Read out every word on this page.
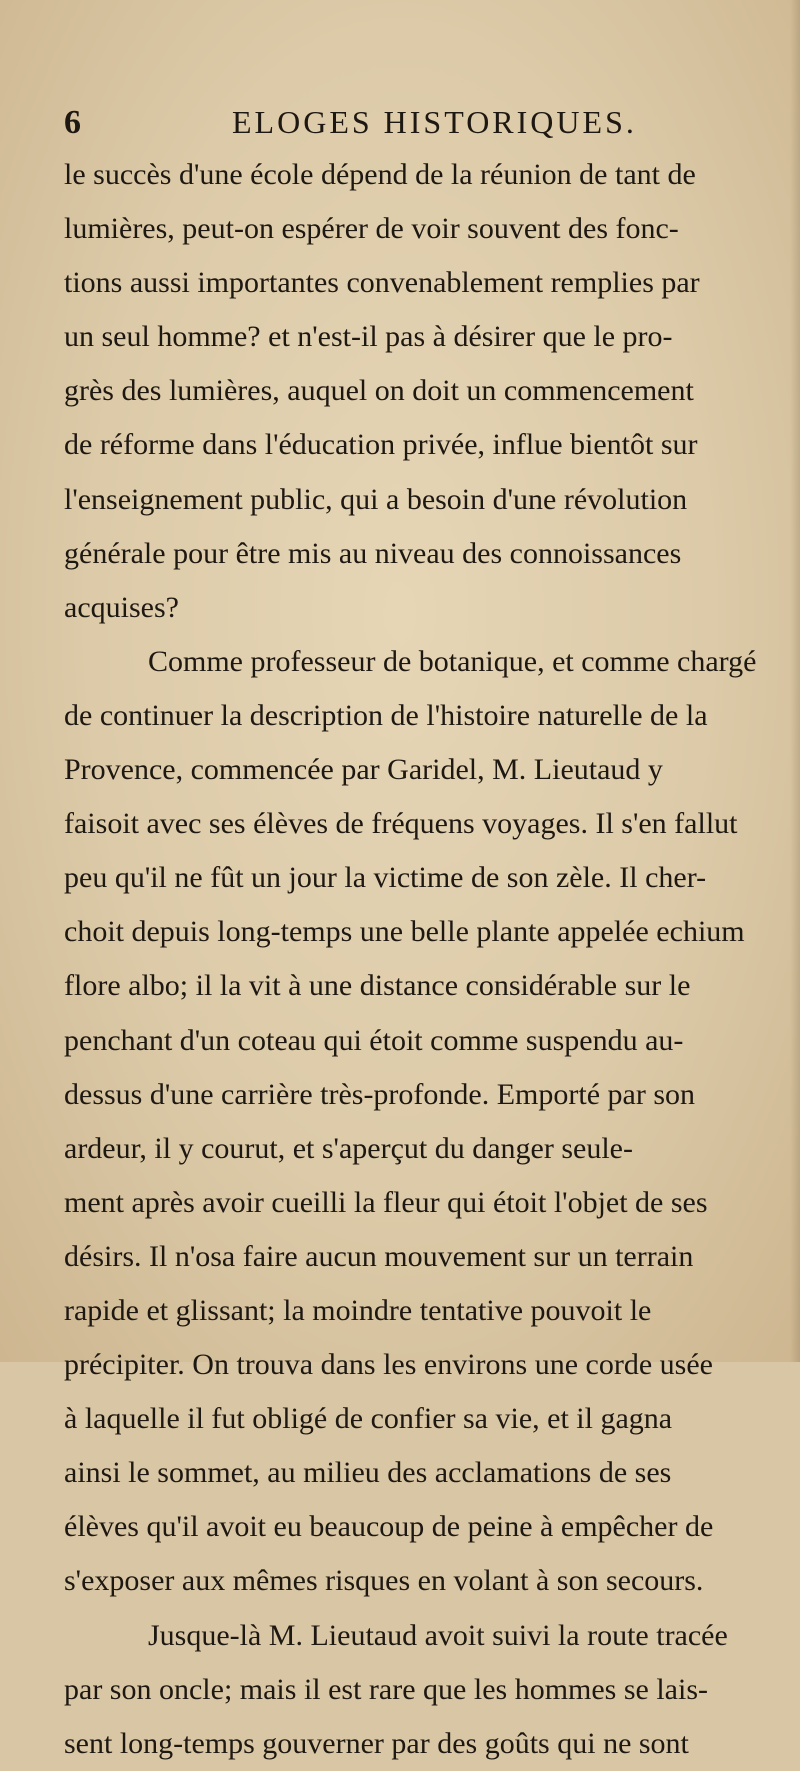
6	ELOGES HISTORIQUES.
le succès d'une école dépend de la réunion de tant de
lumières, peut-on espérer de voir souvent des fonc-
tions aussi importantes convenablement remplies par
un seul homme? et n'est-il pas à désirer que le pro-
grès des lumières, auquel on doit un commencement
de réforme dans l'éducation privée, influe bientôt sur
l'enseignement public, qui a besoin d'une révolution
générale pour être mis au niveau des connoissances
acquises?
Comme professeur de botanique, et comme chargé
de continuer la description de l'histoire naturelle de la
Provence, commencée par Garidel, M. Lieutaud y
faisoit avec ses élèves de fréquens voyages. Il s'en fallut
peu qu'il ne fût un jour la victime de son zèle. Il cher-
choit depuis long-temps une belle plante appelée echium
flore albo; il la vit à une distance considérable sur le
penchant d'un coteau qui étoit comme suspendu au-
dessus d'une carrière très-profonde. Emporté par son
ardeur, il y courut, et s'aperçut du danger seule-
ment après avoir cueilli la fleur qui étoit l'objet de ses
désirs. Il n'osa faire aucun mouvement sur un terrain
rapide et glissant; la moindre tentative pouvoit le
précipiter. On trouva dans les environs une corde usée
à laquelle il fut obligé de confier sa vie, et il gagna
ainsi le sommet, au milieu des acclamations de ses
élèves qu'il avoit eu beaucoup de peine à empêcher de
s'exposer aux mêmes risques en volant à son secours.
Jusque-là M. Lieutaud avoit suivi la route tracée
par son oncle; mais il est rare que les hommes se lais-
sent long-temps gouverner par des goûts qui ne sont
